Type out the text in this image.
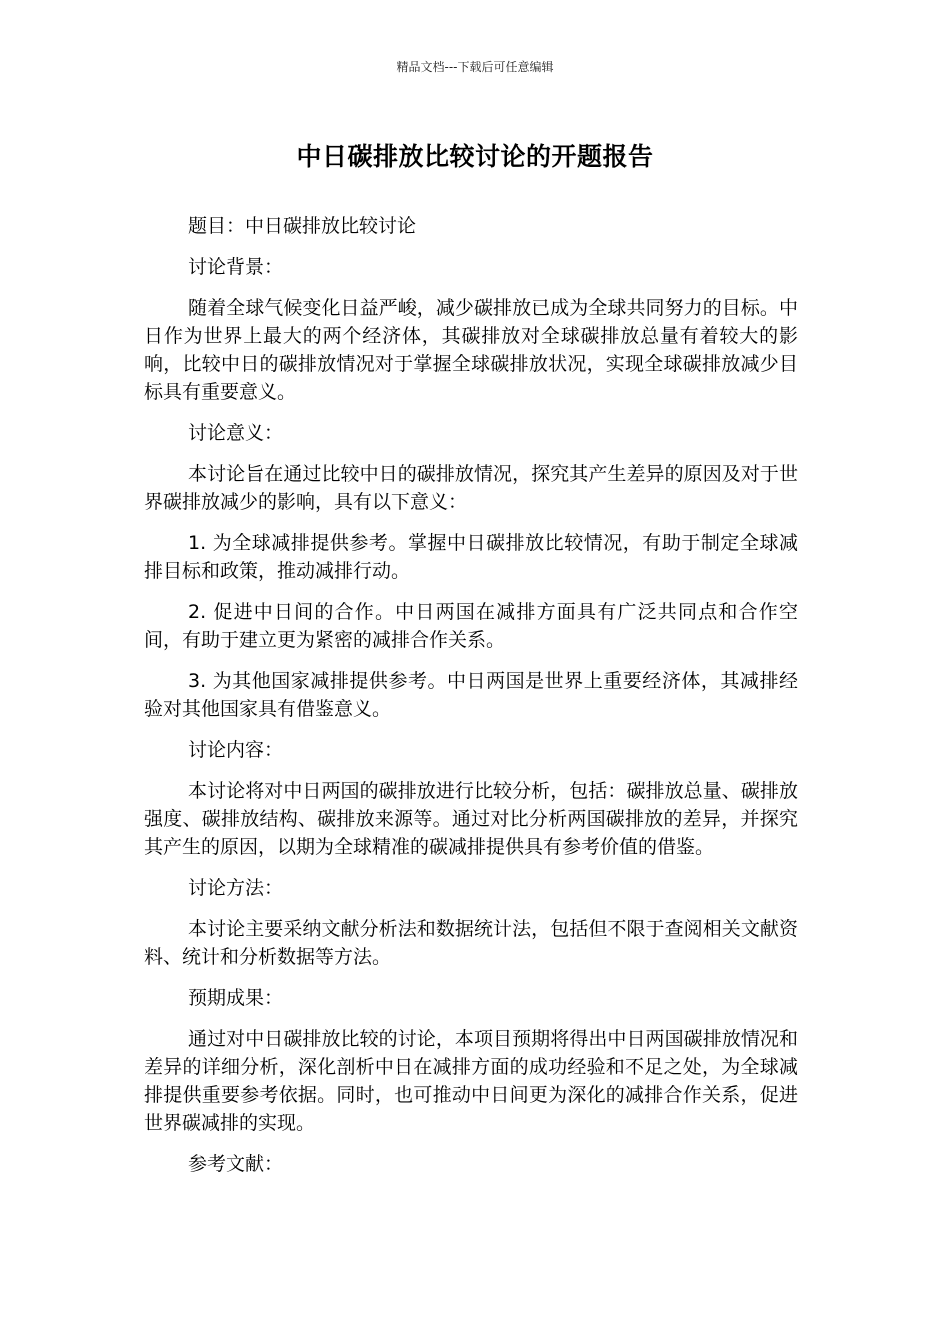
精品文档---下载后可任意编辑
中日碳排放比较讨论的开题报告

题目：中日碳排放比较讨论

讨论背景：

随着全球气候变化日益严峻，减少碳排放已成为全球共同努力的目标。中日作为世界上最大的两个经济体，其碳排放对全球碳排放总量有着较大的影响，比较中日的碳排放情况对于掌握全球碳排放状况，实现全球碳排放减少目标具有重要意义。

讨论意义：

本讨论旨在通过比较中日的碳排放情况，探究其产生差异的原因及对于世界碳排放减少的影响，具有以下意义：

1. 为全球减排提供参考。掌握中日碳排放比较情况，有助于制定全球减排目标和政策，推动减排行动。

2. 促进中日间的合作。中日两国在减排方面具有广泛共同点和合作空间，有助于建立更为紧密的减排合作关系。

3. 为其他国家减排提供参考。中日两国是世界上重要经济体，其减排经验对其他国家具有借鉴意义。

讨论内容：

本讨论将对中日两国的碳排放进行比较分析，包括：碳排放总量、碳排放强度、碳排放结构、碳排放来源等。通过对比分析两国碳排放的差异，并探究其产生的原因，以期为全球精准的碳减排提供具有参考价值的借鉴。

讨论方法：

本讨论主要采纳文献分析法和数据统计法，包括但不限于查阅相关文献资料、统计和分析数据等方法。

预期成果：

通过对中日碳排放比较的讨论，本项目预期将得出中日两国碳排放情况和差异的详细分析，深化剖析中日在减排方面的成功经验和不足之处，为全球减排提供重要参考依据。同时，也可推动中日间更为深化的减排合作关系，促进世界碳减排的实现。

参考文献：
